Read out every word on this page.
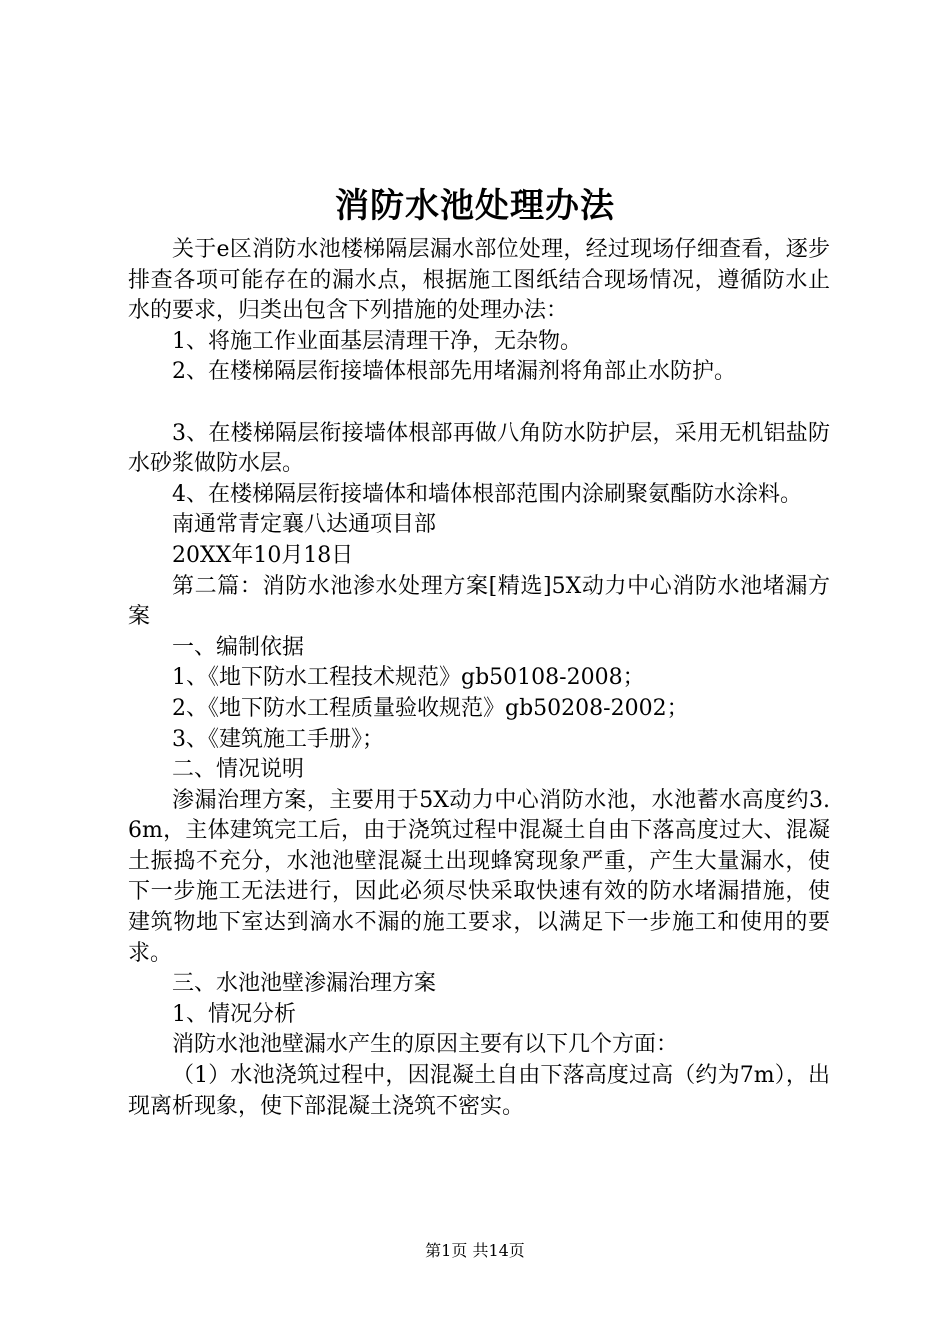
消防水池处理办法

关于e区消防水池楼梯隔层漏水部位处理，经过现场仔细查看，逐步排查各项可能存在的漏水点，根据施工图纸结合现场情况，遵循防水止水的要求，归类出包含下列措施的处理办法：

1、将施工作业面基层清理干净，无杂物。

2、在楼梯隔层衔接墙体根部先用堵漏剂将角部止水防护。

3、在楼梯隔层衔接墙体根部再做八角防水防护层，采用无机铝盐防水砂浆做防水层。

4、在楼梯隔层衔接墙体和墙体根部范围内涂刷聚氨酯防水涂料。

南通常青定襄八达通项目部

20XX年10月18日

第二篇：消防水池渗水处理方案[精选]5X动力中心消防水池堵漏方案

一、编制依据

1、《地下防水工程技术规范》gb50108-2008；

2、《地下防水工程质量验收规范》gb50208-2002；

3、《建筑施工手册》；

二、情况说明

渗漏治理方案，主要用于5X动力中心消防水池，水池蓄水高度约3.6m，主体建筑完工后，由于浇筑过程中混凝土自由下落高度过大、混凝土振捣不充分，水池池壁混凝土出现蜂窝现象严重，产生大量漏水，使下一步施工无法进行，因此必须尽快采取快速有效的防水堵漏措施，使建筑物地下室达到滴水不漏的施工要求，以满足下一步施工和使用的要求。

三、水池池壁渗漏治理方案

1、情况分析

消防水池池壁漏水产生的原因主要有以下几个方面：

（1）水池浇筑过程中，因混凝土自由下落高度过高（约为7m），出现离析现象，使下部混凝土浇筑不密实。

第1页 共14页
